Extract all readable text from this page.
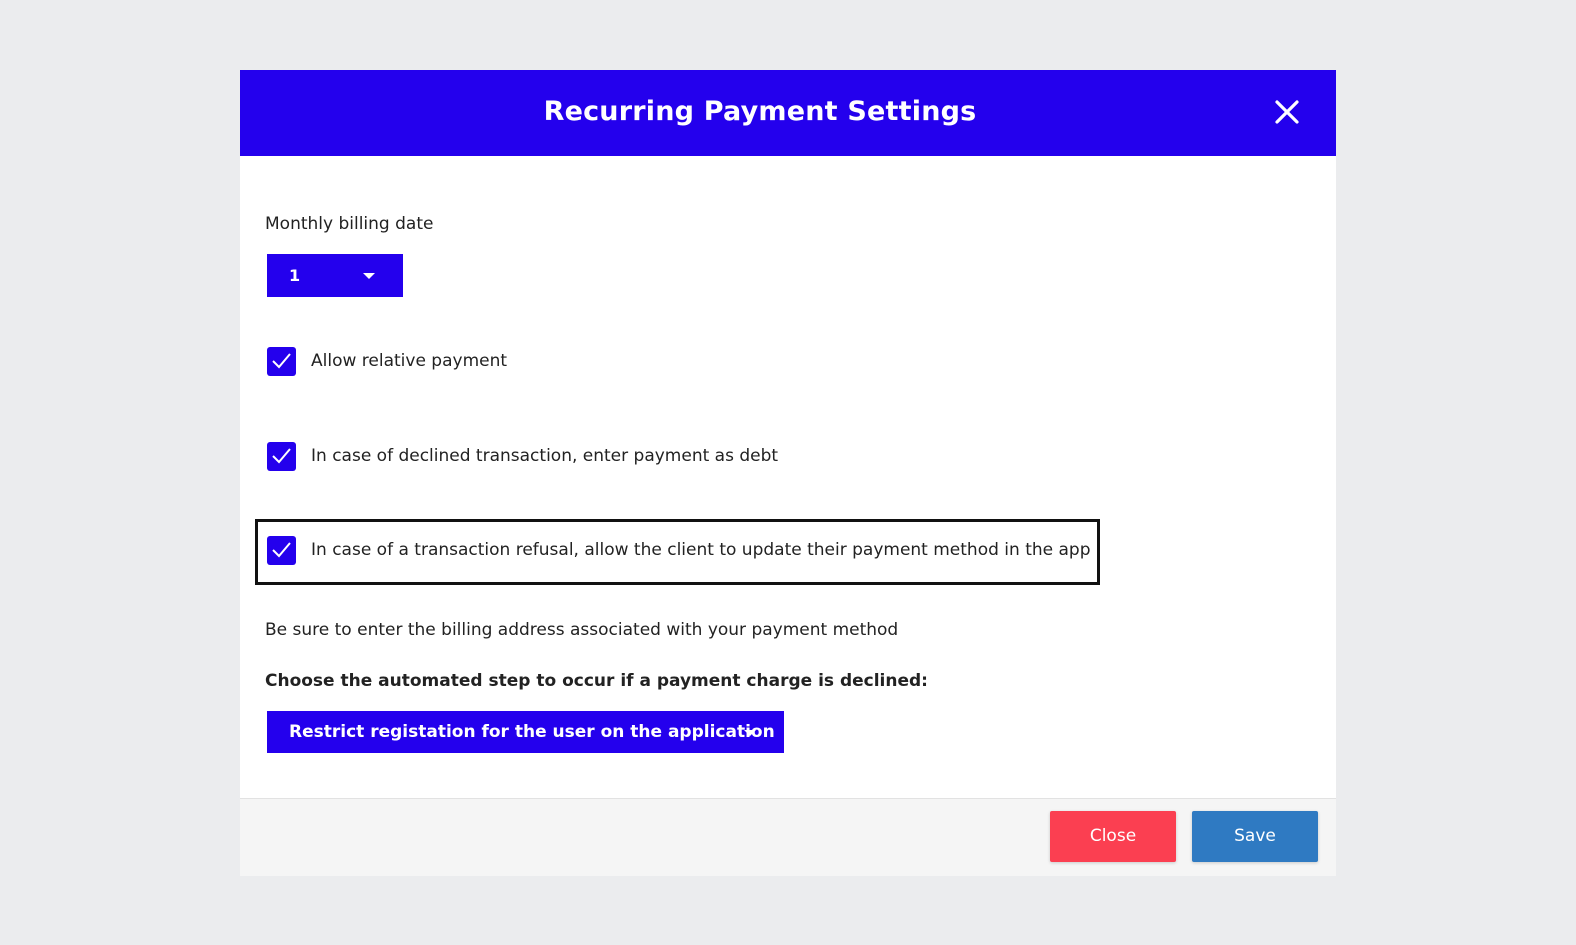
Recurring Payment Settings
Monthly billing date
1
Allow relative payment
In case of declined transaction, enter payment as debt
In case of a transaction refusal, allow the client to update their payment method in the app
Be sure to enter the billing address associated with your payment method
Choose the automated step to occur if a payment charge is declined:
Restrict registation for the user on the application
Close	Save
